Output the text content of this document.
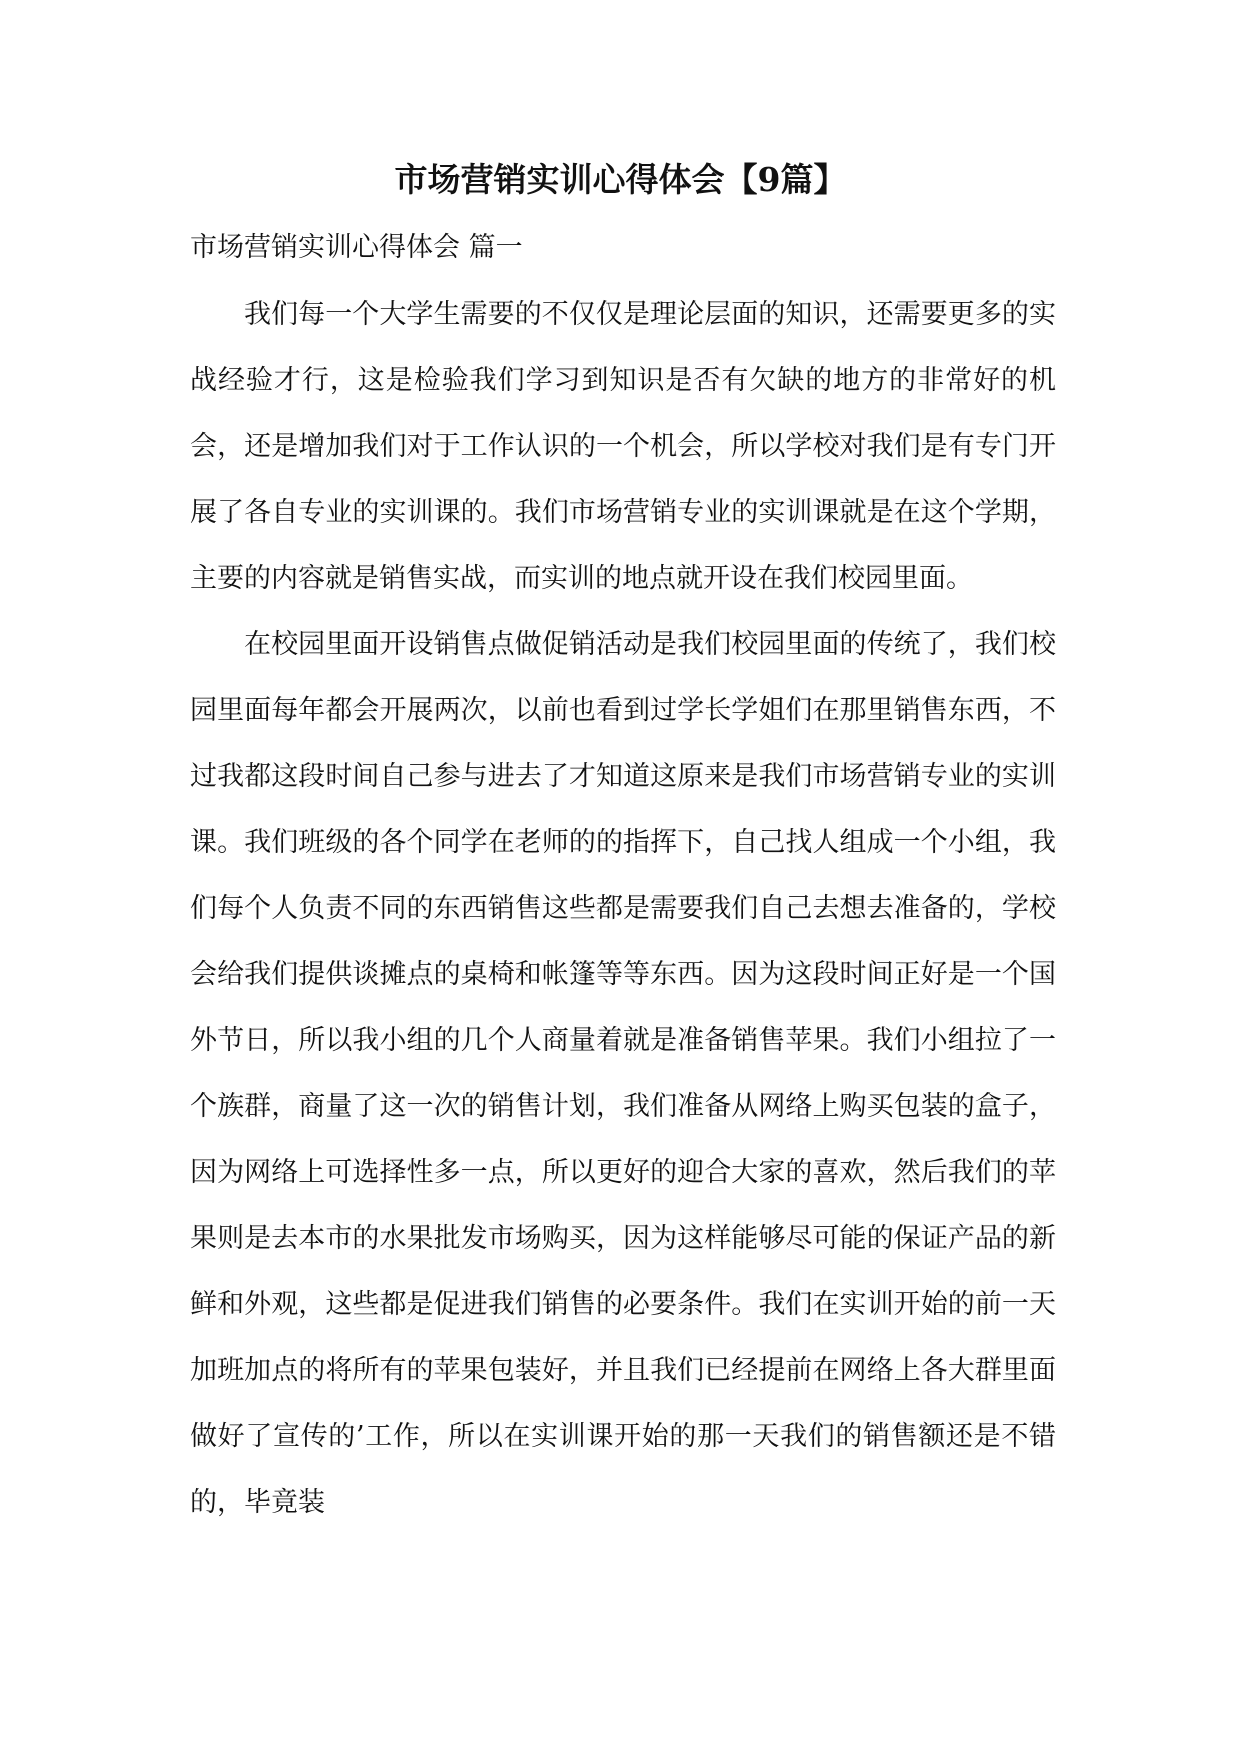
市场营销实训心得体会【9篇】
市场营销实训心得体会 篇一

我们每一个大学生需要的不仅仅是理论层面的知识，还需要更多的实战经验才行，这是检验我们学习到知识是否有欠缺的地方的非常好的机会，还是增加我们对于工作认识的一个机会，所以学校对我们是有专门开展了各自专业的实训课的。我们市场营销专业的实训课就是在这个学期，主要的内容就是销售实战，而实训的地点就开设在我们校园里面。

在校园里面开设销售点做促销活动是我们校园里面的传统了，我们校园里面每年都会开展两次，以前也看到过学长学姐们在那里销售东西，不过我都这段时间自己参与进去了才知道这原来是我们市场营销专业的实训课。我们班级的各个同学在老师的的指挥下，自己找人组成一个小组，我们每个人负责不同的东西销售这些都是需要我们自己去想去准备的，学校会给我们提供谈摊点的桌椅和帐篷等等东西。因为这段时间正好是一个国外节日，所以我小组的几个人商量着就是准备销售苹果。我们小组拉了一个族群，商量了这一次的销售计划，我们准备从网络上购买包装的盒子，因为网络上可选择性多一点，所以更好的迎合大家的喜欢，然后我们的苹果则是去本市的水果批发市场购买，因为这样能够尽可能的保证产品的新鲜和外观，这些都是促进我们销售的必要条件。我们在实训开始的前一天加班加点的将所有的苹果包装好，并且我们已经提前在网络上各大群里面做好了宣传的’工作，所以在实训课开始的那一天我们的销售额还是不错的，毕竟装
